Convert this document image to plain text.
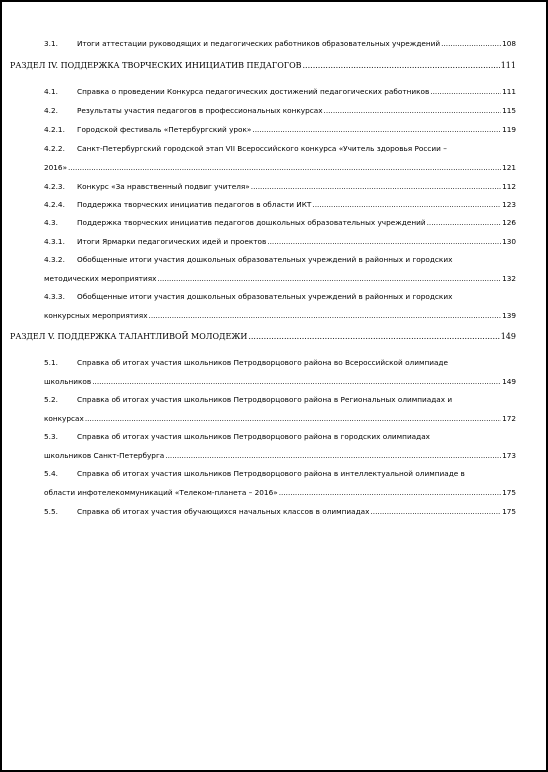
3.1.	Итоги аттестации руководящих и педагогических работников образовательных учреждений .....	108
РАЗДЕЛ IV. ПОДДЕРЖКА ТВОРЧЕСКИХ ИНИЦИАТИВ ПЕДАГОГОВ .....	111
4.1.	Справка о проведении Конкурса педагогических достижений педагогических работников .....	111
4.2.	Результаты участия педагогов в профессиональных конкурсах .....	115
4.2.1. Городской фестиваль «Петербургский урок» .....	119
4.2.2. Санкт-Петербургский городской этап VII Всероссийского конкурса «Учитель здоровья России –
2016» .....	121
4.2.3. Конкурс «За нравственный подвиг учителя» .....	112
4.2.4. Поддержка творческих инициатив педагогов в области ИКТ .....	123
4.3.	Поддержка творческих инициатив педагогов дошкольных образовательных учреждений .....	126
4.3.1. Итоги Ярмарки педагогических идей и проектов .....	130
4.3.2. Обобщенные итоги участия дошкольных образовательных учреждений в районных и городских
методических мероприятиях .....	132
4.3.3. Обобщенные итоги участия дошкольных образовательных учреждений в районных и городских
конкурсных мероприятиях .....	139
РАЗДЕЛ V. ПОДДЕРЖКА ТАЛАНТЛИВОЙ МОЛОДЕЖИ .....	149
5.1.	Справка об итогах участия школьников Петродворцового района во Всероссийской олимпиаде
школьников .....	149
5.2.	Справка об итогах участия школьников Петродворцового района в Региональных олимпиадах и
конкурсах .....	172
5.3.	Справка об итогах участия школьников Петродворцового района в городских олимпиадах
школьников Санкт-Петербурга .....	173
5.4.	Справка об итогах участия школьников Петродворцового района в интеллектуальной олимпиаде в
области инфотелекоммуникаций «Телеком-планета – 2016» .....	175
5.5.	Справка об итогах участия обучающихся начальных классов в олимпиадах .....	175
